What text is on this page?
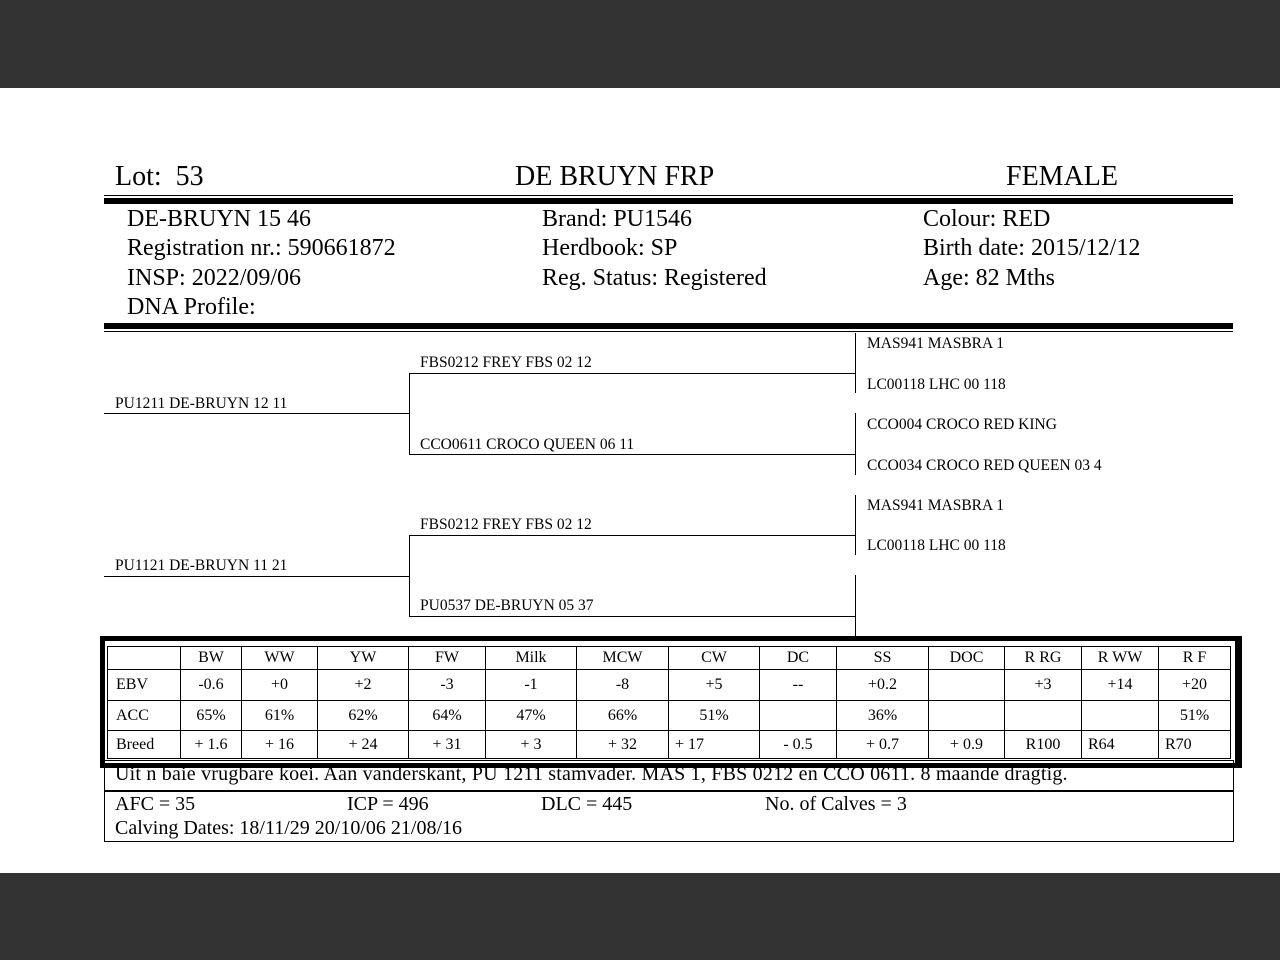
Lot: 53	DE BRUYN FRP	FEMALE
DE-BRUYN 15 46
Registration nr.: 590661872
INSP: 2022/09/06
DNA Profile:
Brand: PU1546
Herdbook: SP
Reg. Status: Registered
Colour: RED
Birth date: 2015/12/12
Age: 82 Mths
PU1211 DE-BRUYN 12 11
FBS0212 FREY FBS 02 12
CCO0611 CROCO QUEEN 06 11
MAS941 MASBRA 1
LC00118 LHC 00 118
CCO004 CROCO RED KING
CCO034 CROCO RED QUEEN 03 4
PU1121 DE-BRUYN 11 21
FBS0212 FREY FBS 02 12
PU0537 DE-BRUYN 05 37
MAS941 MASBRA 1
LC00118 LHC 00 118
	BW	WW	YW	FW	Milk	MCW	CW	DC	SS	DOC	R RG	R WW	R F
EBV	-0.6	+0	+2	-3	-1	-8	+5	--	+0.2		+3	+14	+20
ACC	65%	61%	62%	64%	47%	66%	51%		36%				51%
Breed	+ 1.6	+ 16	+ 24	+ 31	+ 3	+ 32	+ 17	- 0.5	+ 0.7	+ 0.9	R100	R64	R70
Uit n baie vrugbare koei. Aan vanderskant, PU 1211 stamvader. MAS 1, FBS 0212 en CCO 0611. 8 maande dragtig.
AFC = 35	ICP = 496	DLC = 445	No. of Calves = 3
Calving Dates: 18/11/29 20/10/06 21/08/16
